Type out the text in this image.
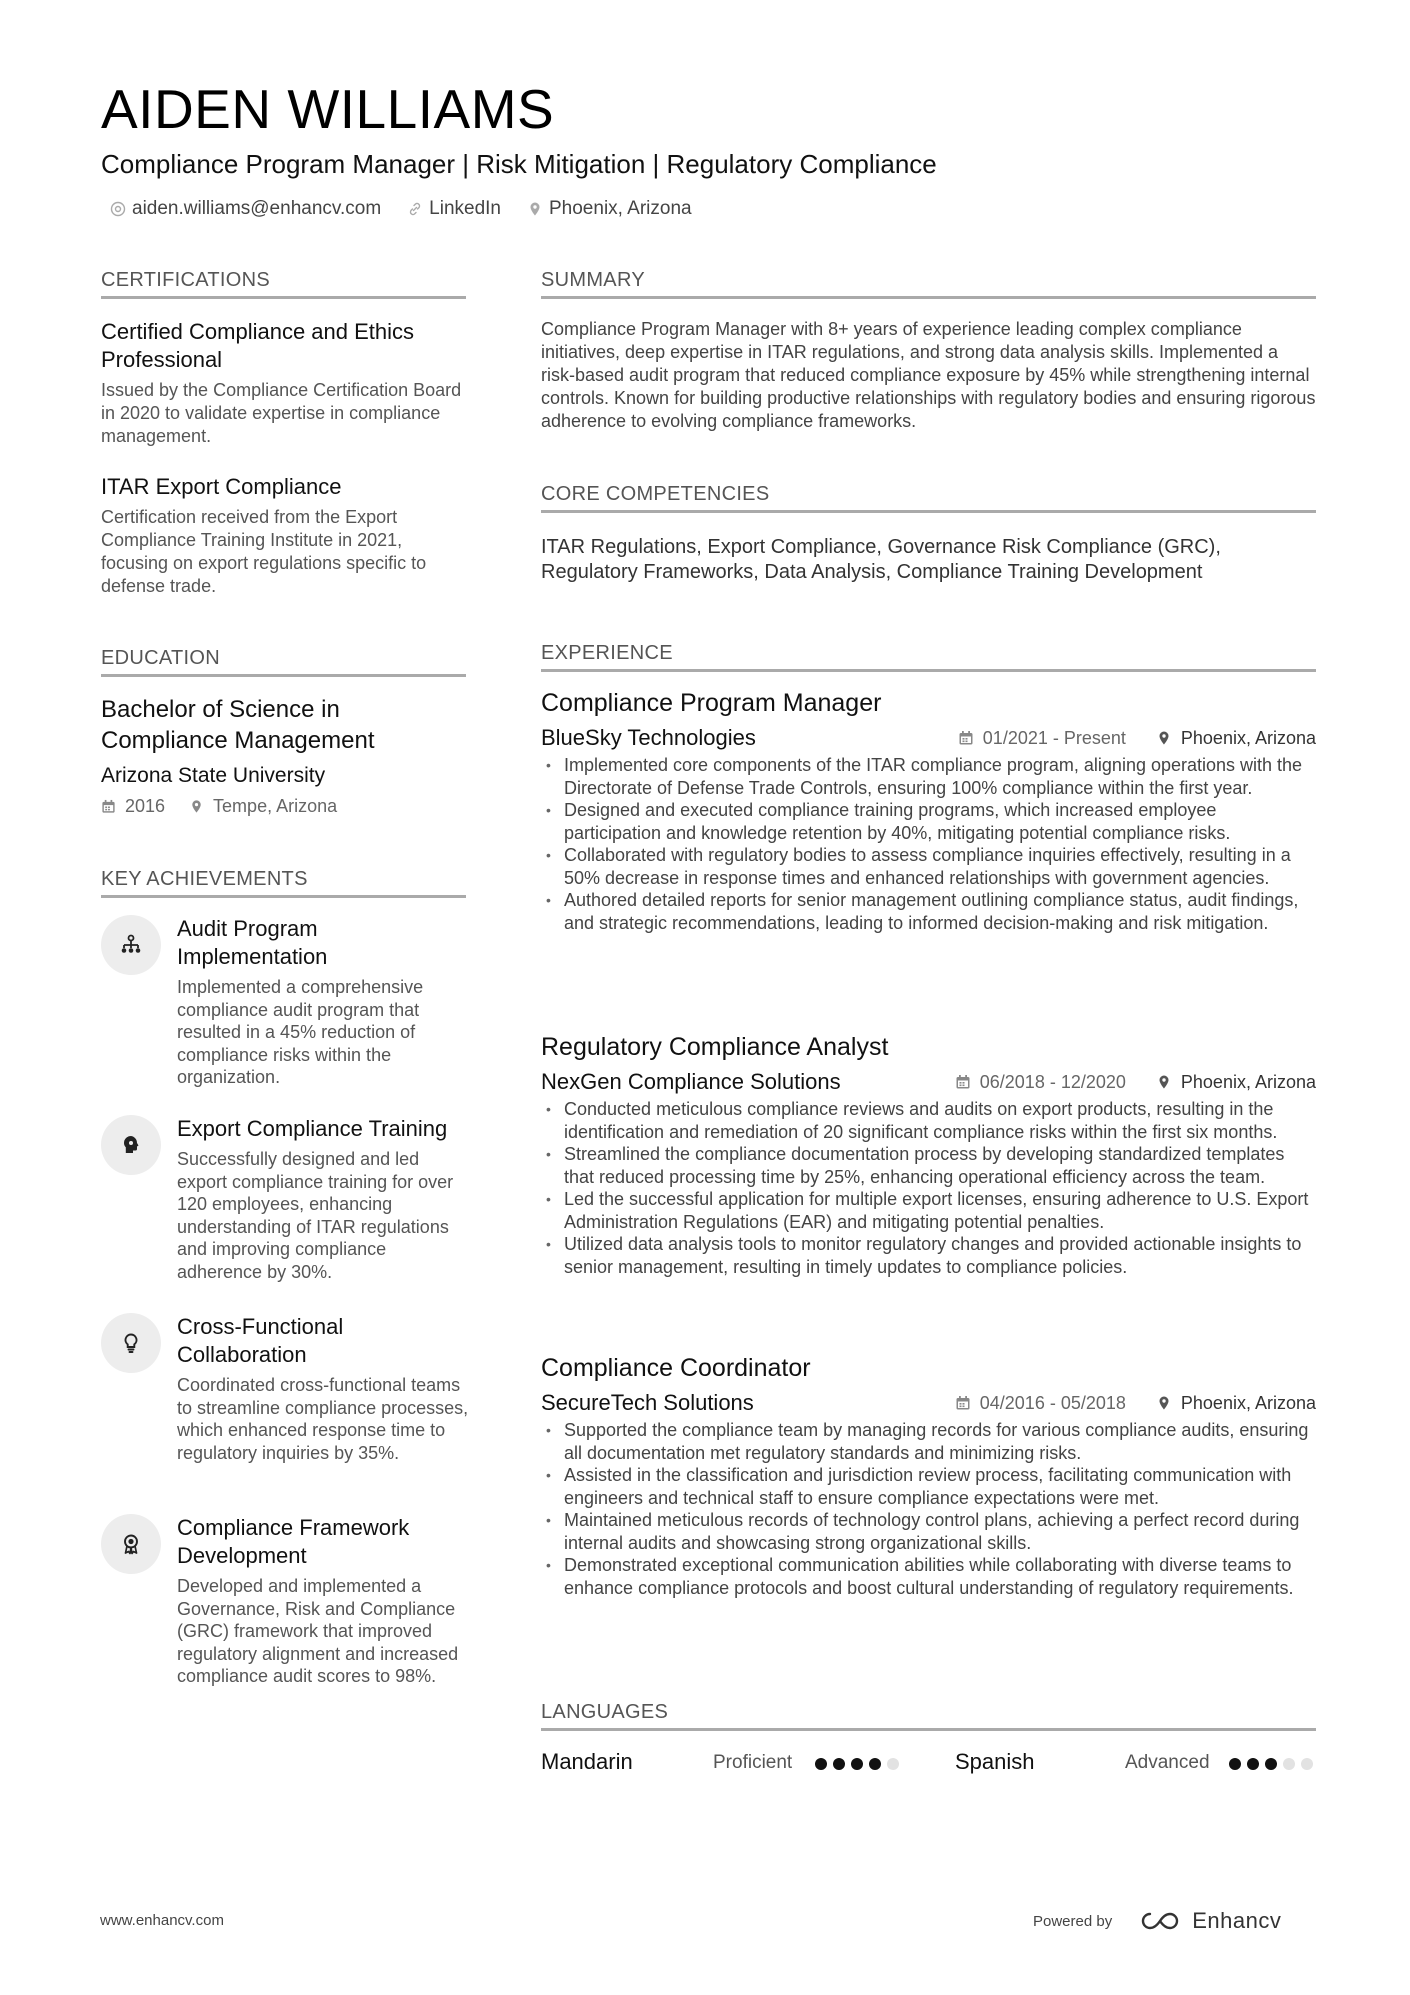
AIDEN WILLIAMS
Compliance Program Manager | Risk Mitigation | Regulatory Compliance
aiden.williams@enhancv.com	LinkedIn	Phoenix, Arizona
CERTIFICATIONS
Certified Compliance and Ethics Professional
Issued by the Compliance Certification Board in 2020 to validate expertise in compliance management.
ITAR Export Compliance
Certification received from the Export Compliance Training Institute in 2021, focusing on export regulations specific to defense trade.
EDUCATION
Bachelor of Science in Compliance Management
Arizona State University
2016	Tempe, Arizona
KEY ACHIEVEMENTS
Audit Program Implementation
Implemented a comprehensive compliance audit program that resulted in a 45% reduction of compliance risks within the organization.
Export Compliance Training
Successfully designed and led export compliance training for over 120 employees, enhancing understanding of ITAR regulations and improving compliance adherence by 30%.
Cross-Functional Collaboration
Coordinated cross-functional teams to streamline compliance processes, which enhanced response time to regulatory inquiries by 35%.
Compliance Framework Development
Developed and implemented a Governance, Risk and Compliance (GRC) framework that improved regulatory alignment and increased compliance audit scores to 98%.
SUMMARY
Compliance Program Manager with 8+ years of experience leading complex compliance initiatives, deep expertise in ITAR regulations, and strong data analysis skills. Implemented a risk-based audit program that reduced compliance exposure by 45% while strengthening internal controls. Known for building productive relationships with regulatory bodies and ensuring rigorous adherence to evolving compliance frameworks.
CORE COMPETENCIES
ITAR Regulations, Export Compliance, Governance Risk Compliance (GRC), Regulatory Frameworks, Data Analysis, Compliance Training Development
EXPERIENCE
Compliance Program Manager
BlueSky Technologies	01/2021 - Present	Phoenix, Arizona
• Implemented core components of the ITAR compliance program, aligning operations with the Directorate of Defense Trade Controls, ensuring 100% compliance within the first year.
• Designed and executed compliance training programs, which increased employee participation and knowledge retention by 40%, mitigating potential compliance risks.
• Collaborated with regulatory bodies to assess compliance inquiries effectively, resulting in a 50% decrease in response times and enhanced relationships with government agencies.
• Authored detailed reports for senior management outlining compliance status, audit findings, and strategic recommendations, leading to informed decision-making and risk mitigation.
Regulatory Compliance Analyst
NexGen Compliance Solutions	06/2018 - 12/2020	Phoenix, Arizona
• Conducted meticulous compliance reviews and audits on export products, resulting in the identification and remediation of 20 significant compliance risks within the first six months.
• Streamlined the compliance documentation process by developing standardized templates that reduced processing time by 25%, enhancing operational efficiency across the team.
• Led the successful application for multiple export licenses, ensuring adherence to U.S. Export Administration Regulations (EAR) and mitigating potential penalties.
• Utilized data analysis tools to monitor regulatory changes and provided actionable insights to senior management, resulting in timely updates to compliance policies.
Compliance Coordinator
SecureTech Solutions	04/2016 - 05/2018	Phoenix, Arizona
• Supported the compliance team by managing records for various compliance audits, ensuring all documentation met regulatory standards and minimizing risks.
• Assisted in the classification and jurisdiction review process, facilitating communication with engineers and technical staff to ensure compliance expectations were met.
• Maintained meticulous records of technology control plans, achieving a perfect record during internal audits and showcasing strong organizational skills.
• Demonstrated exceptional communication abilities while collaborating with diverse teams to enhance compliance protocols and boost cultural understanding of regulatory requirements.
LANGUAGES
Mandarin	Proficient	Spanish	Advanced
www.enhancv.com	Powered by	Enhancv
